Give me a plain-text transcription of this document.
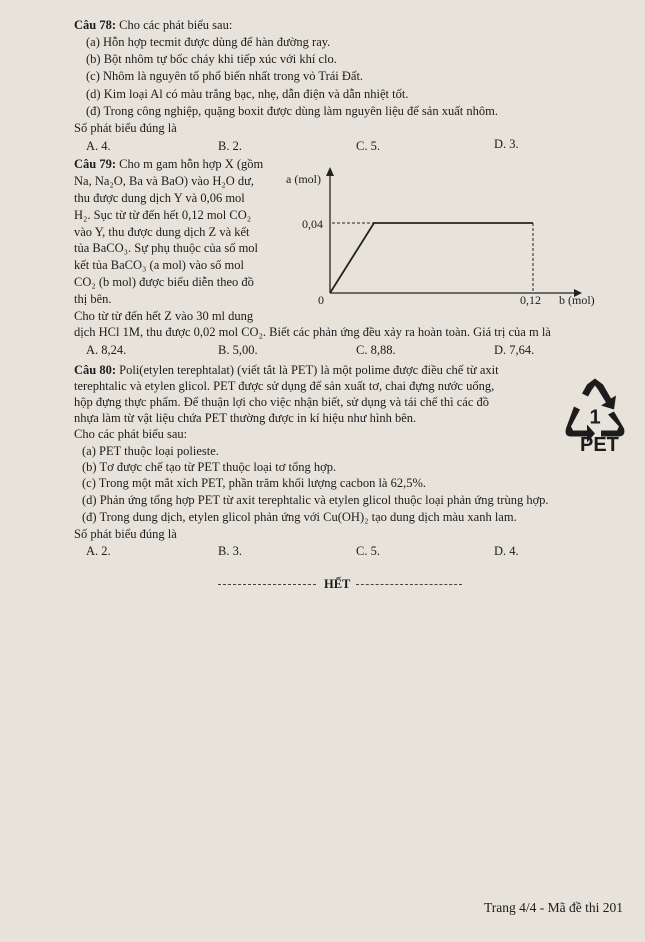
Câu 78: Cho các phát biểu sau:
(a) Hỗn hợp tecmit được dùng để hàn đường ray.
(b) Bột nhôm tự bốc cháy khi tiếp xúc với khí clo.
(c) Nhôm là nguyên tố phổ biến nhất trong vỏ Trái Đất.
(d) Kim loại Al có màu trắng bạc, nhẹ, dẫn điện và dẫn nhiệt tốt.
(đ) Trong công nghiệp, quặng boxit được dùng làm nguyên liệu để sản xuất nhôm.
Số phát biểu đúng là
A. 4.	B. 2.	C. 5.	D. 3.
Câu 79: Cho m gam hỗn hợp X (gồm
Na, Na₂O, Ba và BaO) vào H₂O dư,
thu được dung dịch Y và 0,06 mol
H₂. Sục từ từ đến hết 0,12 mol CO₂
vào Y, thu được dung dịch Z và kết
tủa BaCO₃. Sự phụ thuộc của số mol
kết tủa BaCO₃ (a mol) vào số mol
CO₂ (b mol) được biểu diễn theo đồ
thị bên.
Cho từ từ đến hết Z vào 30 ml dung
dịch HCl 1M, thu được 0,02 mol CO₂. Biết các phản ứng đều xảy ra hoàn toàn. Giá trị của m là
A. 8,24.	B. 5,00.	C. 8,88.	D. 7,64.
a (mol)
0,04
0	0,12 b (mol)
Câu 80: Poli(etylen terephtalat) (viết tắt là PET) là một polime được điều chế từ axit
terephtalic và etylen glicol. PET được sử dụng để sản xuất tơ, chai đựng nước uống,
hộp đựng thực phẩm. Để thuận lợi cho việc nhận biết, sử dụng và tái chế thì các đồ
nhựa làm từ vật liệu chứa PET thường được in kí hiệu như hình bên.
Cho các phát biểu sau:
(a) PET thuộc loại polieste.
(b) Tơ được chế tạo từ PET thuộc loại tơ tổng hợp.
(c) Trong một mắt xích PET, phần trăm khối lượng cacbon là 62,5%.
(d) Phản ứng tổng hợp PET từ axit terephtalic và etylen glicol thuộc loại phản ứng trùng hợp.
(đ) Trong dung dịch, etylen glicol phản ứng với Cu(OH)₂ tạo dung dịch màu xanh lam.
Số phát biểu đúng là
A. 2.	B. 3.	C. 5.	D. 4.
1
PET
HẾT
Trang 4/4 - Mã đề thi 201
